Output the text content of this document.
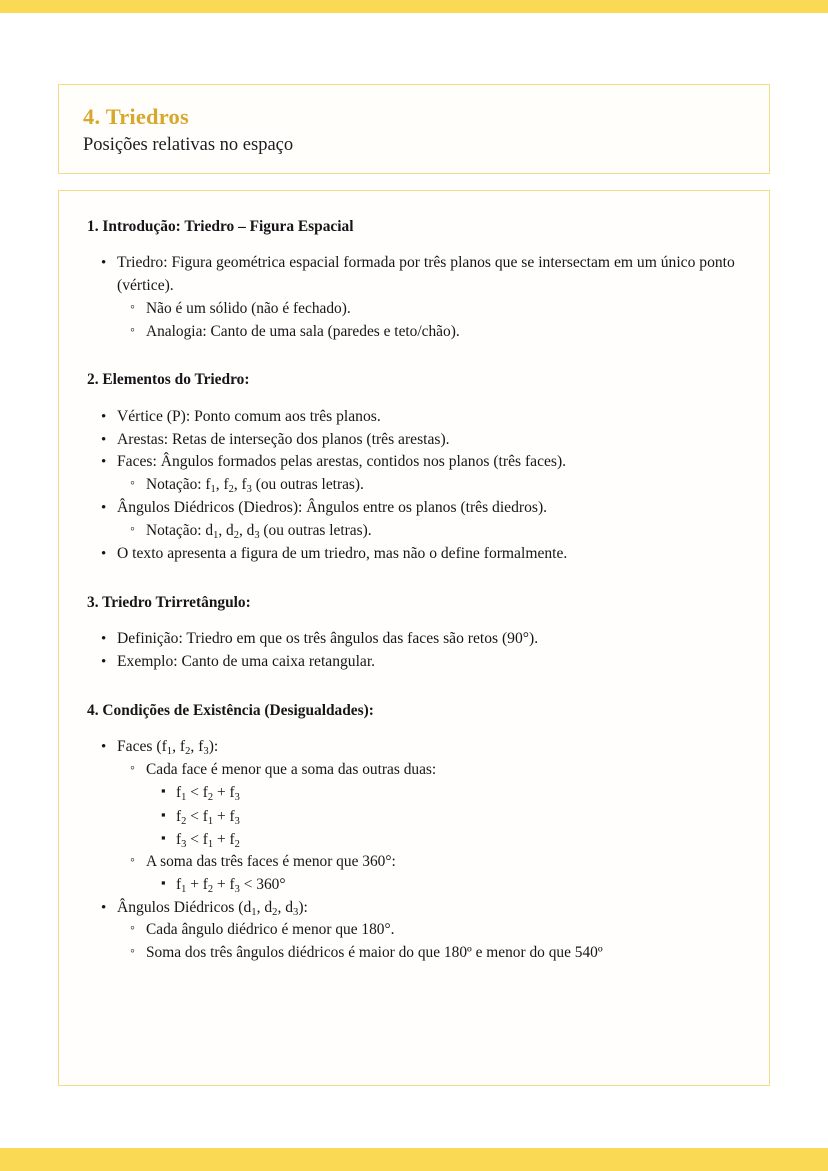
4. Triedros
Posições relativas no espaço
1. Introdução: Triedro – Figura Espacial
• Triedro: Figura geométrica espacial formada por três planos que se intersectam em um único ponto (vértice).
◦ Não é um sólido (não é fechado).
◦ Analogia: Canto de uma sala (paredes e teto/chão).
2. Elementos do Triedro:
• Vértice (P): Ponto comum aos três planos.
• Arestas: Retas de interseção dos planos (três arestas).
• Faces: Ângulos formados pelas arestas, contidos nos planos (três faces).
◦ Notação: $f_1$, $f_2$, $f_3$ (ou outras letras).
• Ângulos Diédricos (Diedros): Ângulos entre os planos (três diedros).
◦ Notação: $d_1$, $d_2$, $d_3$ (ou outras letras).
• O texto apresenta a figura de um triedro, mas não o define formalmente.
3. Triedro Trirretângulo:
• Definição: Triedro em que os três ângulos das faces são retos (90°).
• Exemplo: Canto de uma caixa retangular.
4. Condições de Existência (Desigualdades):
• Faces ($f_1$, $f_2$, $f_3$):
◦ Cada face é menor que a soma das outras duas:
▪ $f_1 < f_2 + f_3$
▪ $f_2 < f_1 + f_3$
▪ $f_3 < f_1 + f_2$
◦ A soma das três faces é menor que 360°:
▪ $f_1 + f_2 + f_3 < 360^\circ$
• Ângulos Diédricos ($d_1$, $d_2$, $d_3$):
◦ Cada ângulo diédrico é menor que 180°.
◦ Soma dos três ângulos diédricos é maior do que 180º e menor do que 540º
